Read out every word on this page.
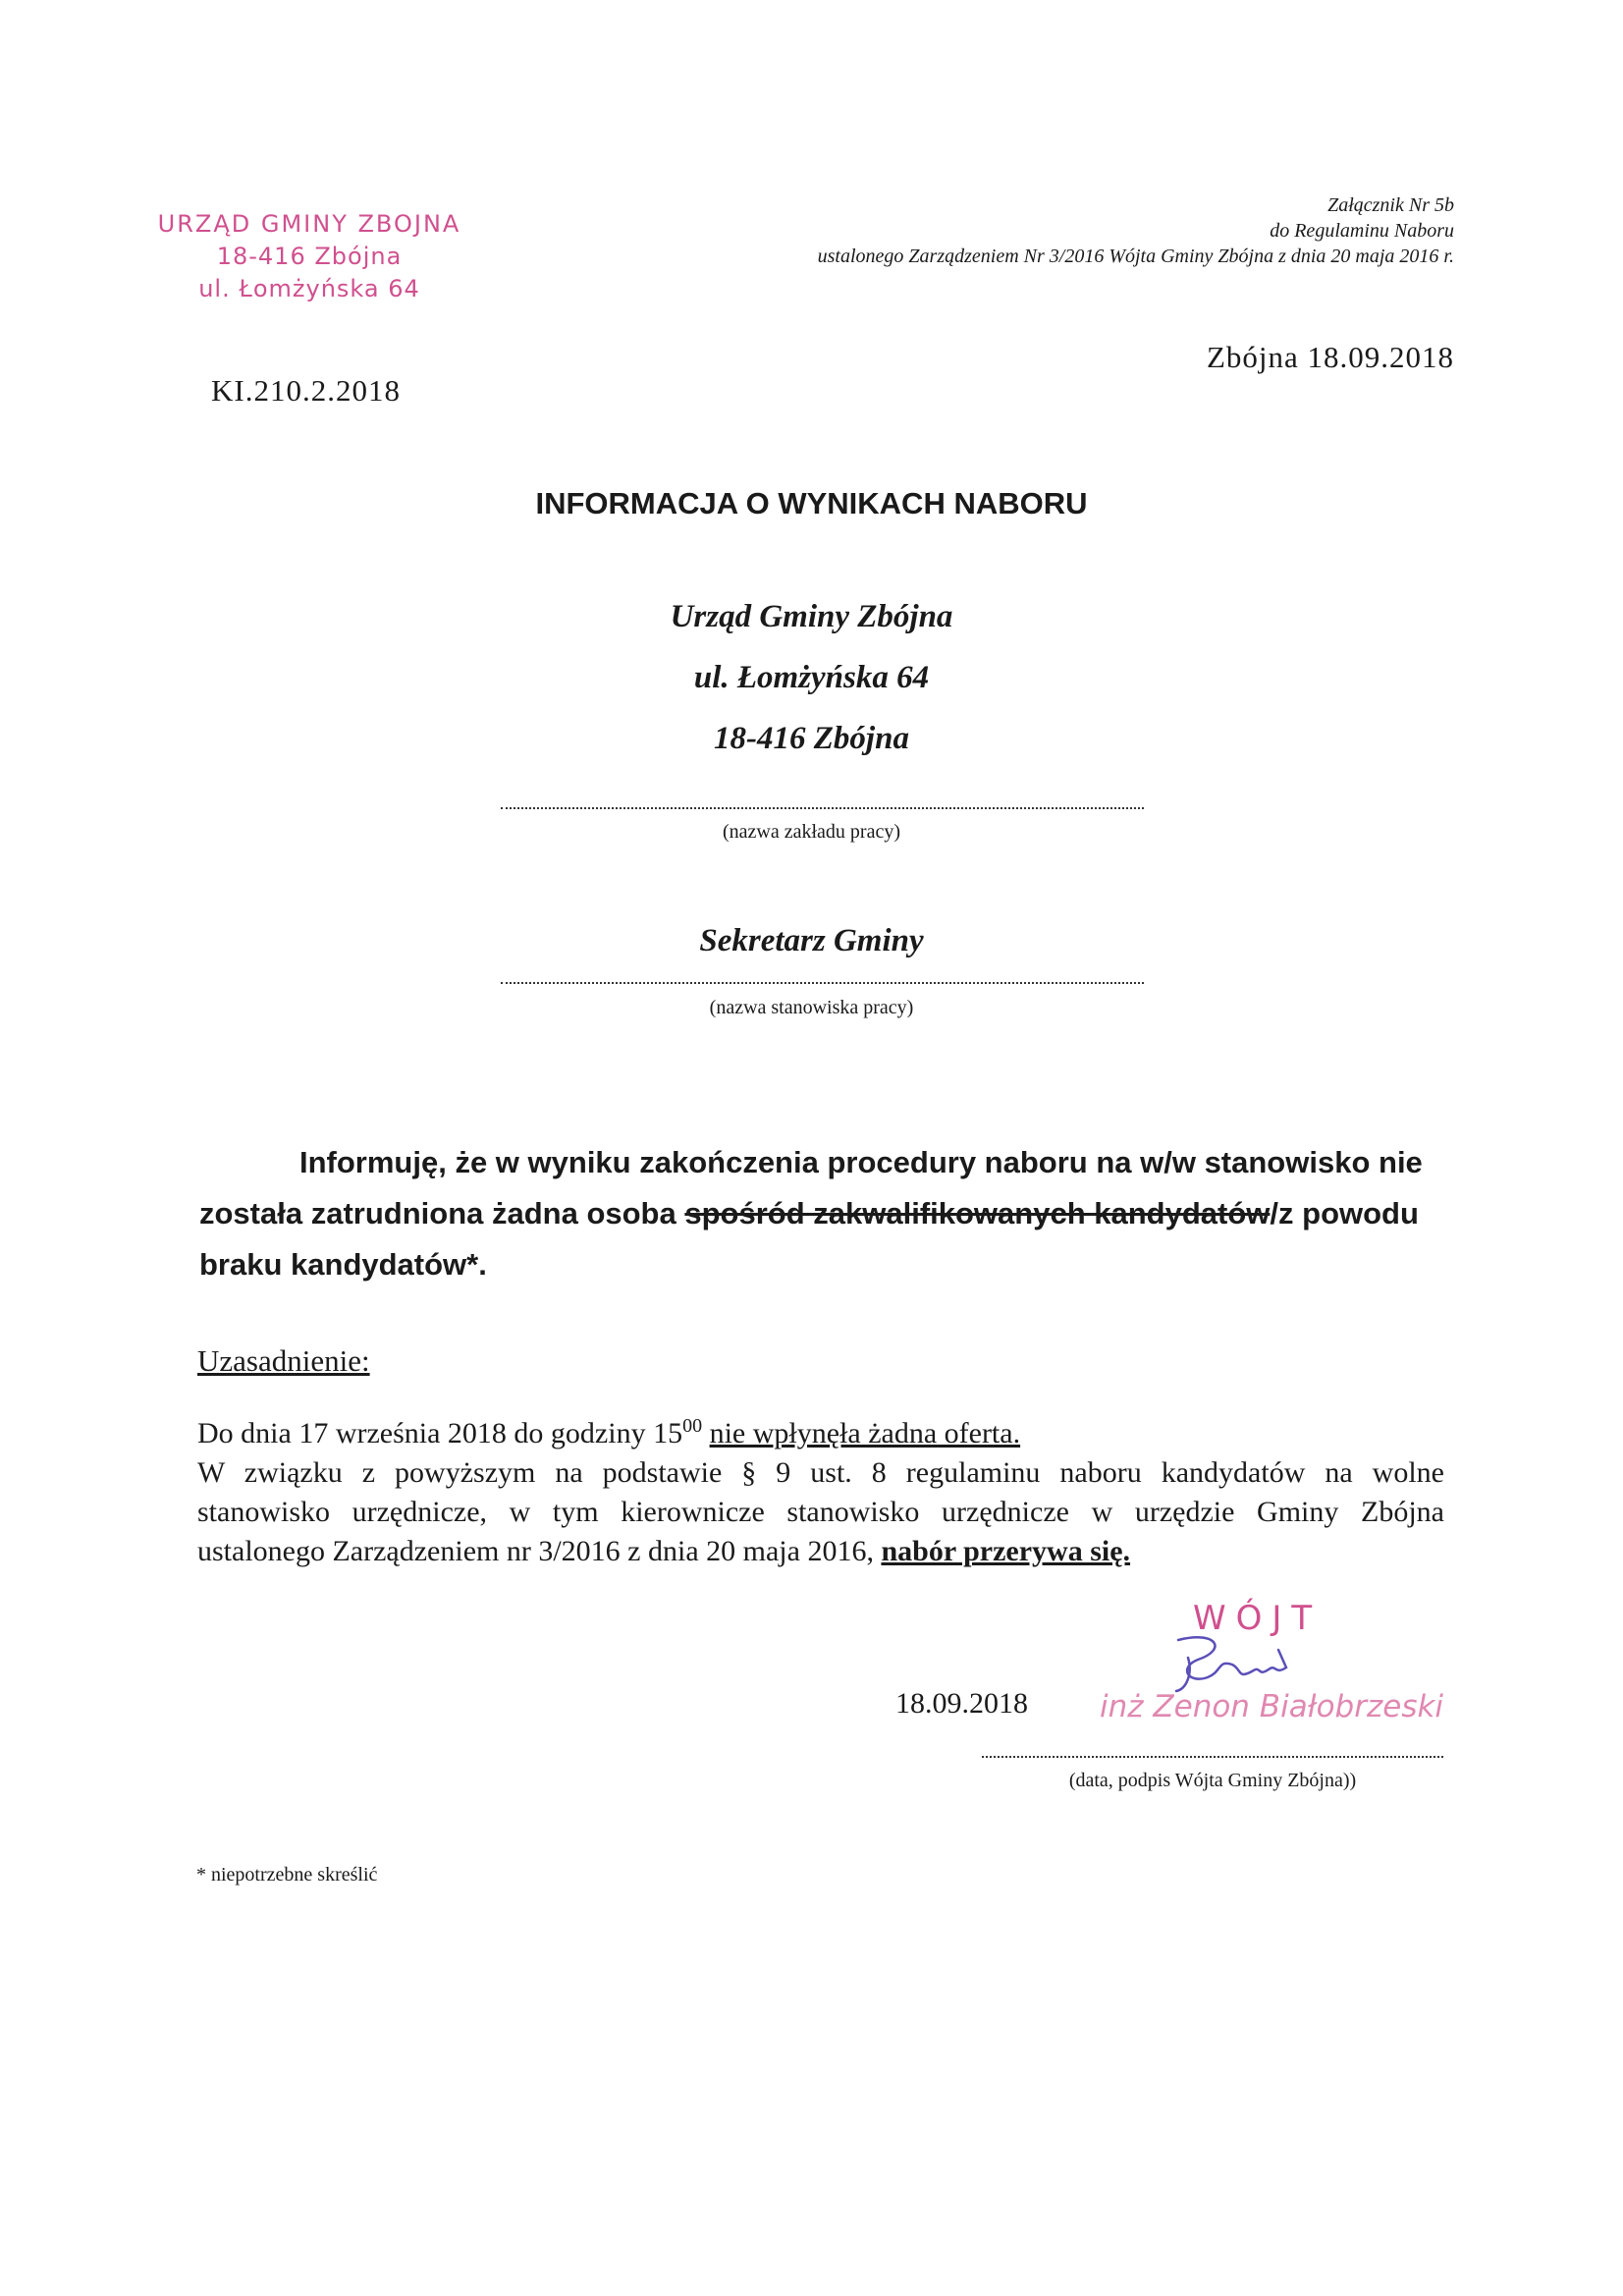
URZĄD GMINY ZBOJNA
18-416 Zbójna
ul. Łomżyńska 64
Załącznik Nr 5b
do Regulaminu Naboru
ustalonego Zarządzeniem Nr 3/2016 Wójta Gminy Zbójna z dnia 20 maja 2016 r.
Zbójna 18.09.2018
KI.210.2.2018
INFORMACJA O WYNIKACH NABORU
Urząd Gminy Zbójna
ul. Łomżyńska 64
18-416 Zbójna
(nazwa zakładu pracy)
Sekretarz Gminy
(nazwa stanowiska pracy)
Informuję, że w wyniku zakończenia procedury naboru na w/w stanowisko nie została zatrudniona żadna osoba spośród zakwalifikowanych kandydatów/z powodu braku kandydatów*.
Uzasadnienie:

Do dnia 17 września 2018 do godziny $15^{00}$ nie wpłynęła żadna oferta.

W związku z powyższym na podstawie § 9 ust. 8 regulaminu naboru kandydatów na wolne

stanowisko urzędnicze, w tym kierownicze stanowisko urzędnicze w urzędzie Gminy Zbójna

ustalonego Zarządzeniem nr 3/2016 z dnia 20 maja 2016, nabór przerywa się.

WÓJT
18.09.2018 inż Zenon Białobrzeski
(data, podpis Wójta Gminy Zbójna))
* niepotrzebne skreślić
